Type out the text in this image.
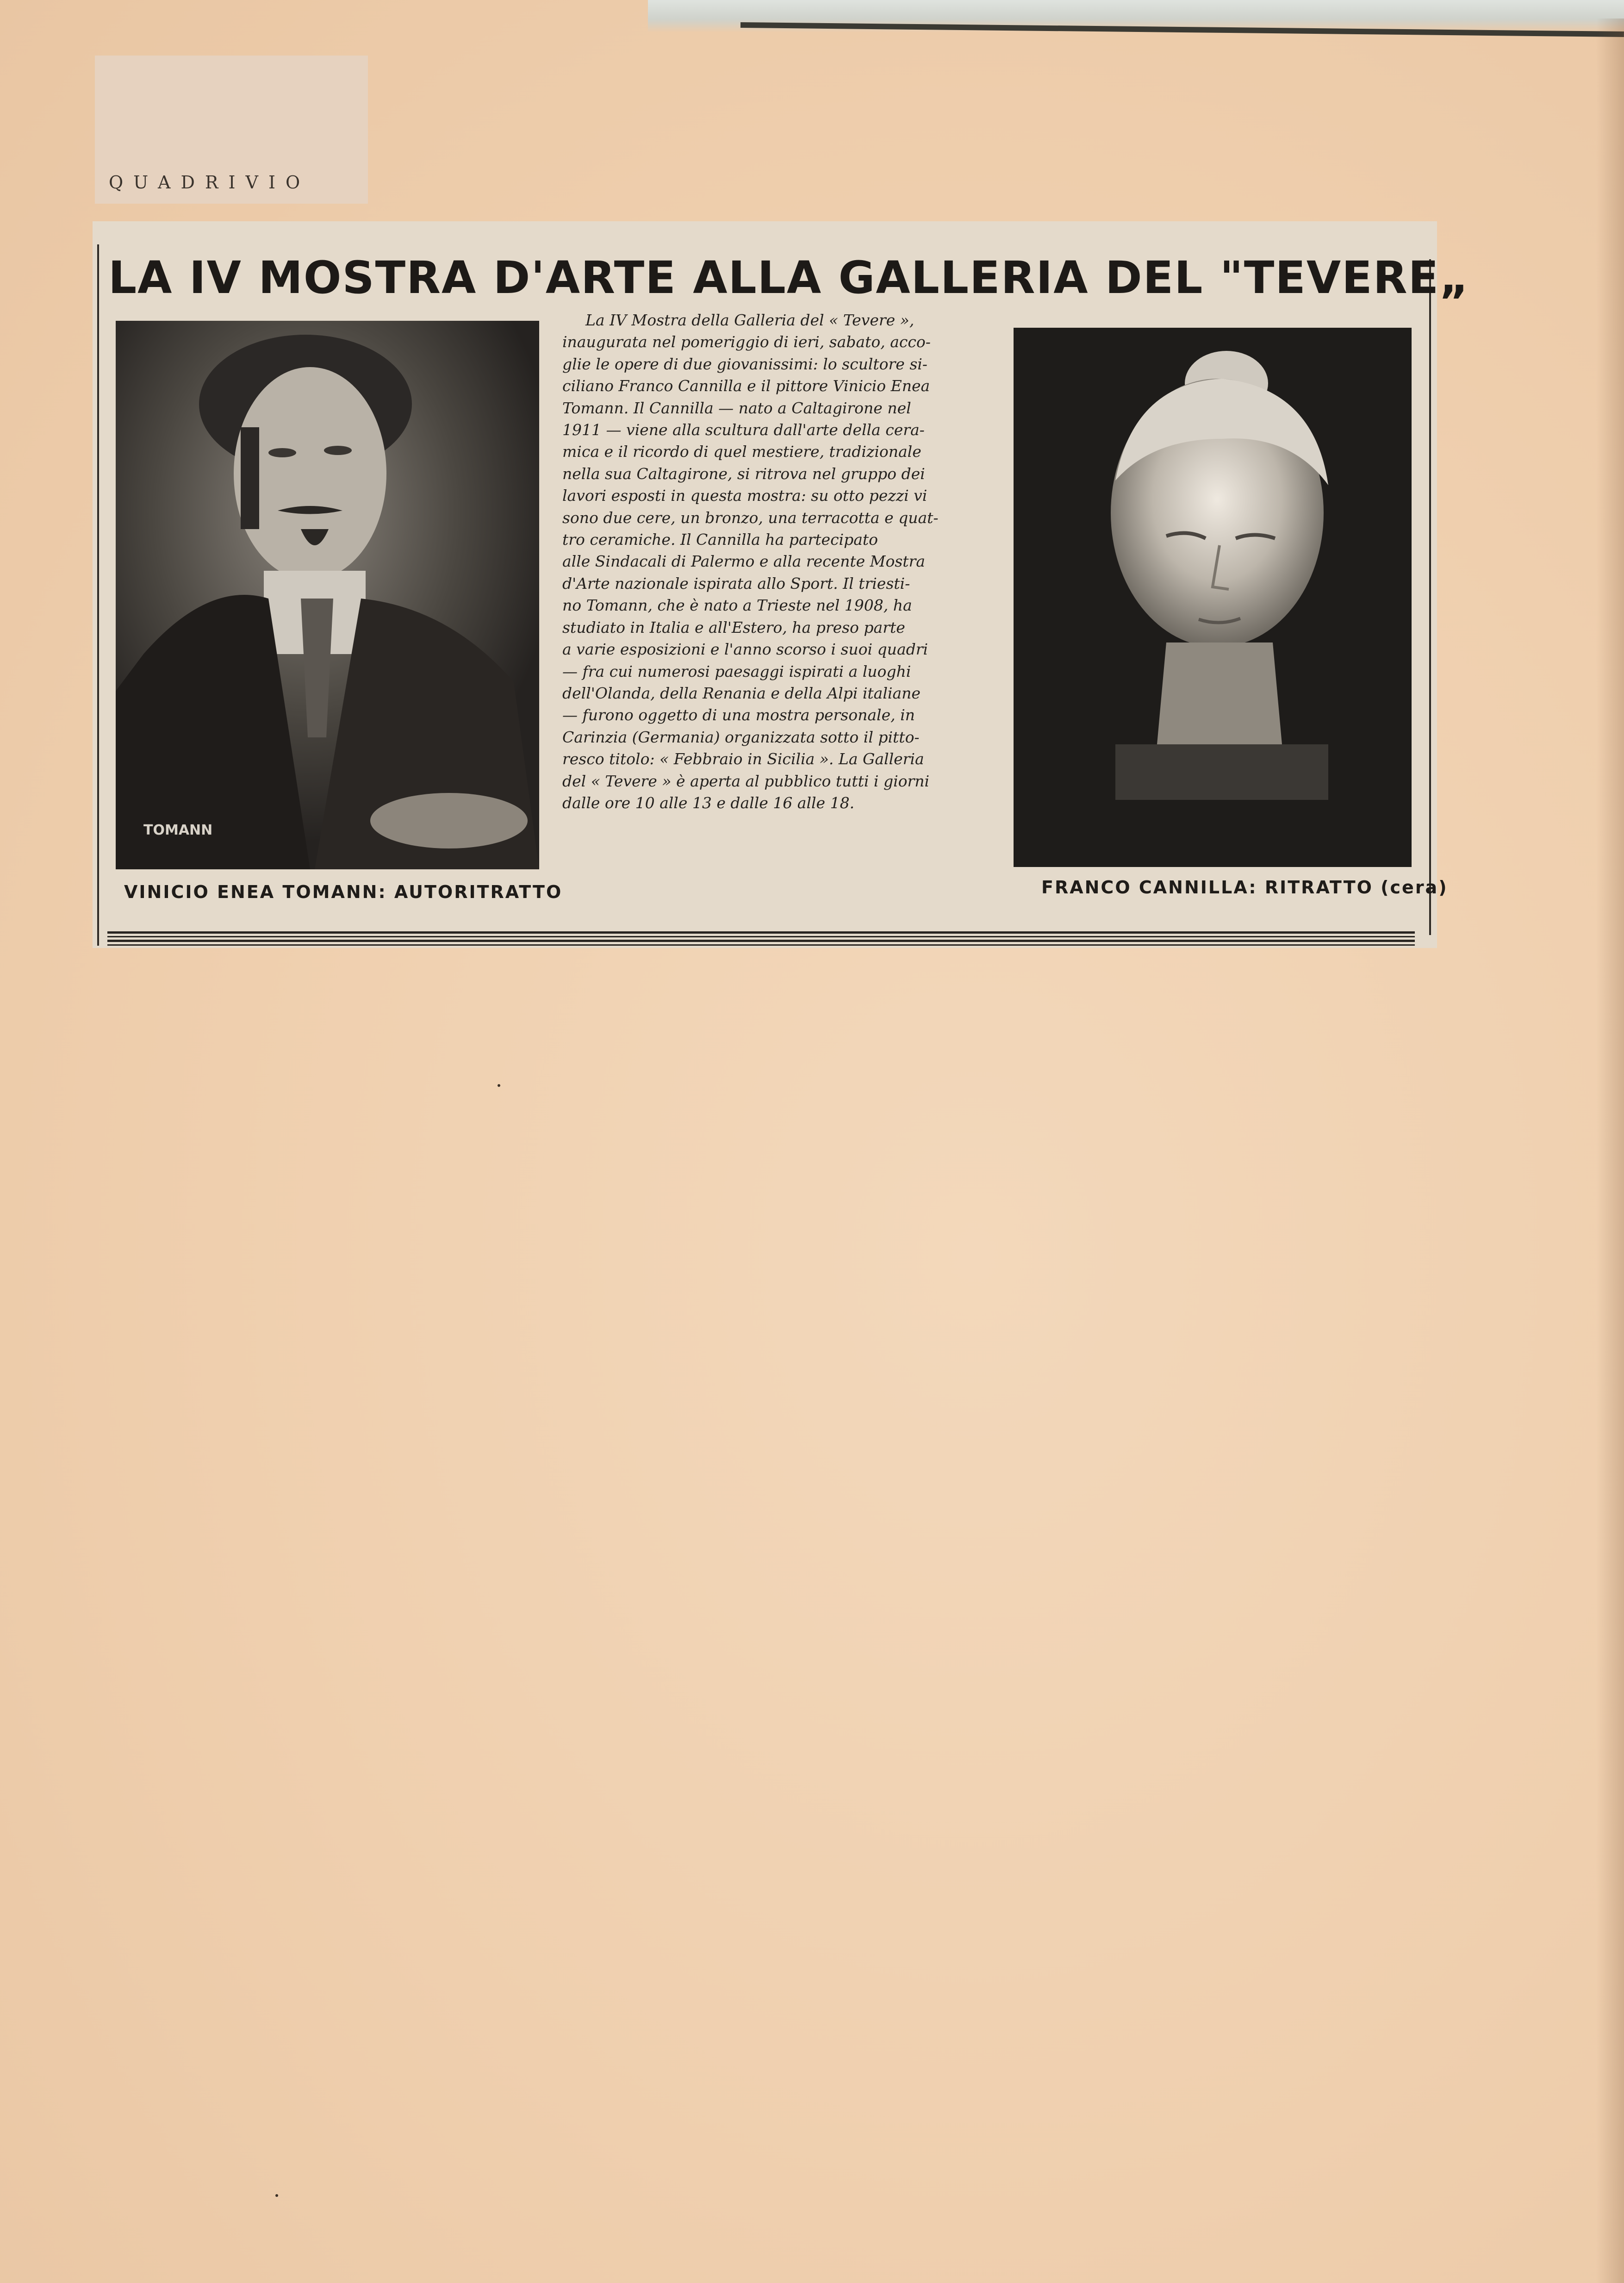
QUADRIVIO
LA IV MOSTRA D'ARTE ALLA GALLERIA DEL "TEVERE„
TOMANN
VINICIO ENEA TOMANN: AUTORITRATTO
La IV Mostra della Galleria del « Tevere »,
inaugurata nel pomeriggio di ieri, sabato, acco-
glie le opere di due giovanissimi: lo scultore si-
ciliano Franco Cannilla e il pittore Vinicio Enea
Tomann. Il Cannilla — nato a Caltagirone nel
1911 — viene alla scultura dall'arte della cera-
mica e il ricordo di quel mestiere, tradizionale
nella sua Caltagirone, si ritrova nel gruppo dei
lavori esposti in questa mostra: su otto pezzi vi
sono due cere, un bronzo, una terracotta e quat-
tro ceramiche. Il Cannilla ha partecipato
alle Sindacali di Palermo e alla recente Mostra
d'Arte nazionale ispirata allo Sport. Il triesti-
no Tomann, che è nato a Trieste nel 1908, ha
studiato in Italia e all'Estero, ha preso parte
a varie esposizioni e l'anno scorso i suoi quadri
— fra cui numerosi paesaggi ispirati a luoghi
dell'Olanda, della Renania e della Alpi italiane
— furono oggetto di una mostra personale, in
Carinzia (Germania) organizzata sotto il pitto-
resco titolo: « Febbraio in Sicilia ». La Galleria
del « Tevere » è aperta al pubblico tutti i giorni
dalle ore 10 alle 13 e dalle 16 alle 18.
FRANCO CANNILLA: RITRATTO (cera)
